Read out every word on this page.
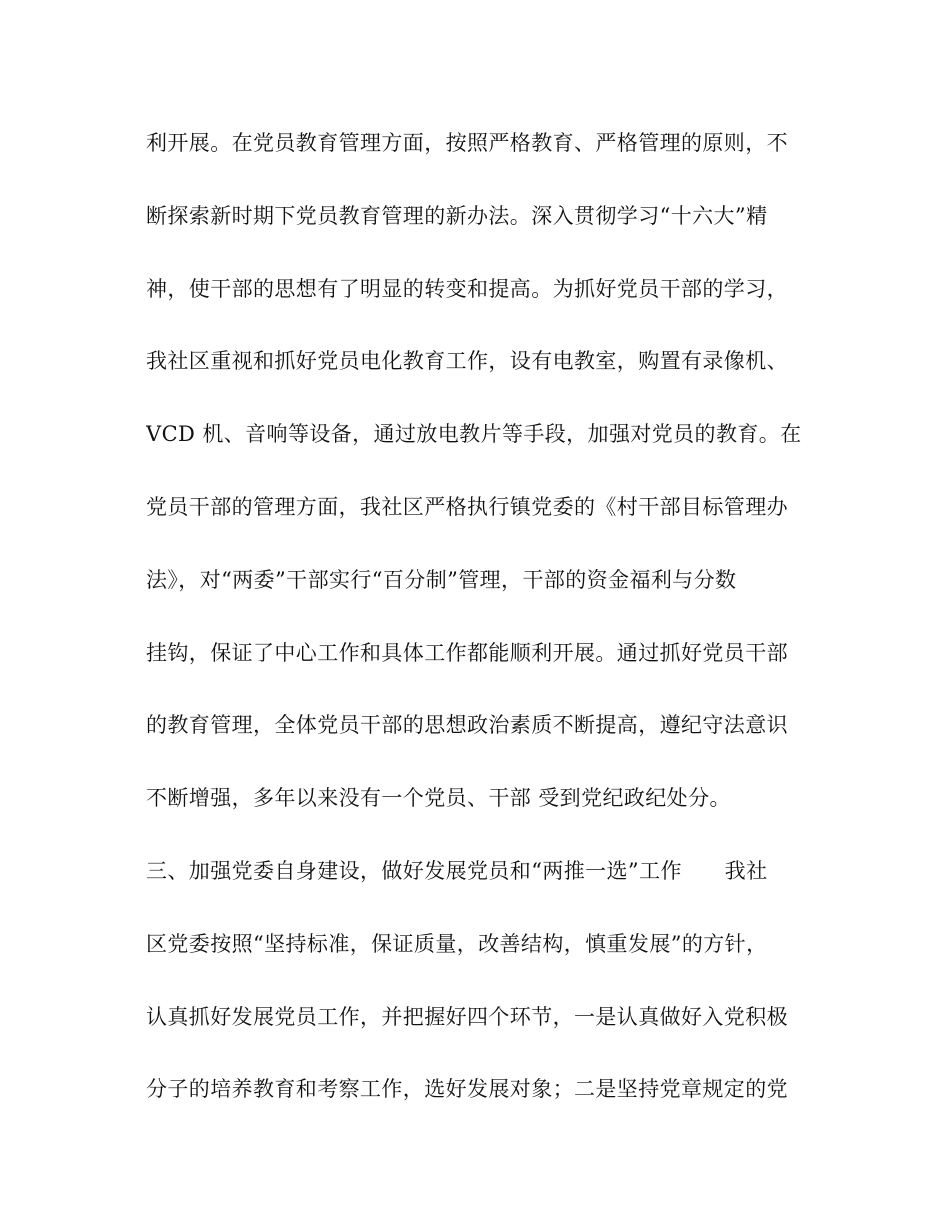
利开展。在党员教育管理方面，按照严格教育、严格管理的原则，不
断探索新时期下党员教育管理的新办法。深入贯彻学习“十六大”精
神，使干部的思想有了明显的转变和提高。为抓好党员干部的学习，
我社区重视和抓好党员电化教育工作，设有电教室，购置有录像机、
VCD 机、音响等设备，通过放电教片等手段，加强对党员的教育。在
党员干部的管理方面，我社区严格执行镇党委的《村干部目标管理办
法》，对“两委”干部实行“百分制”管理，干部的资金福利与分数
挂钩，保证了中心工作和具体工作都能顺利开展。通过抓好党员干部
的教育管理，全体党员干部的思想政治素质不断提高，遵纪守法意识
不断增强，多年以来没有一个党员、干部 受到党纪政纪处分。
三、加强党委自身建设，做好发展党员和“两推一选”工作　　我社
区党委按照“坚持标准，保证质量，改善结构，慎重发展”的方针，
认真抓好发展党员工作，并把握好四个环节，一是认真做好入党积极
分子的培养教育和考察工作，选好发展对象；二是坚持党章规定的党
